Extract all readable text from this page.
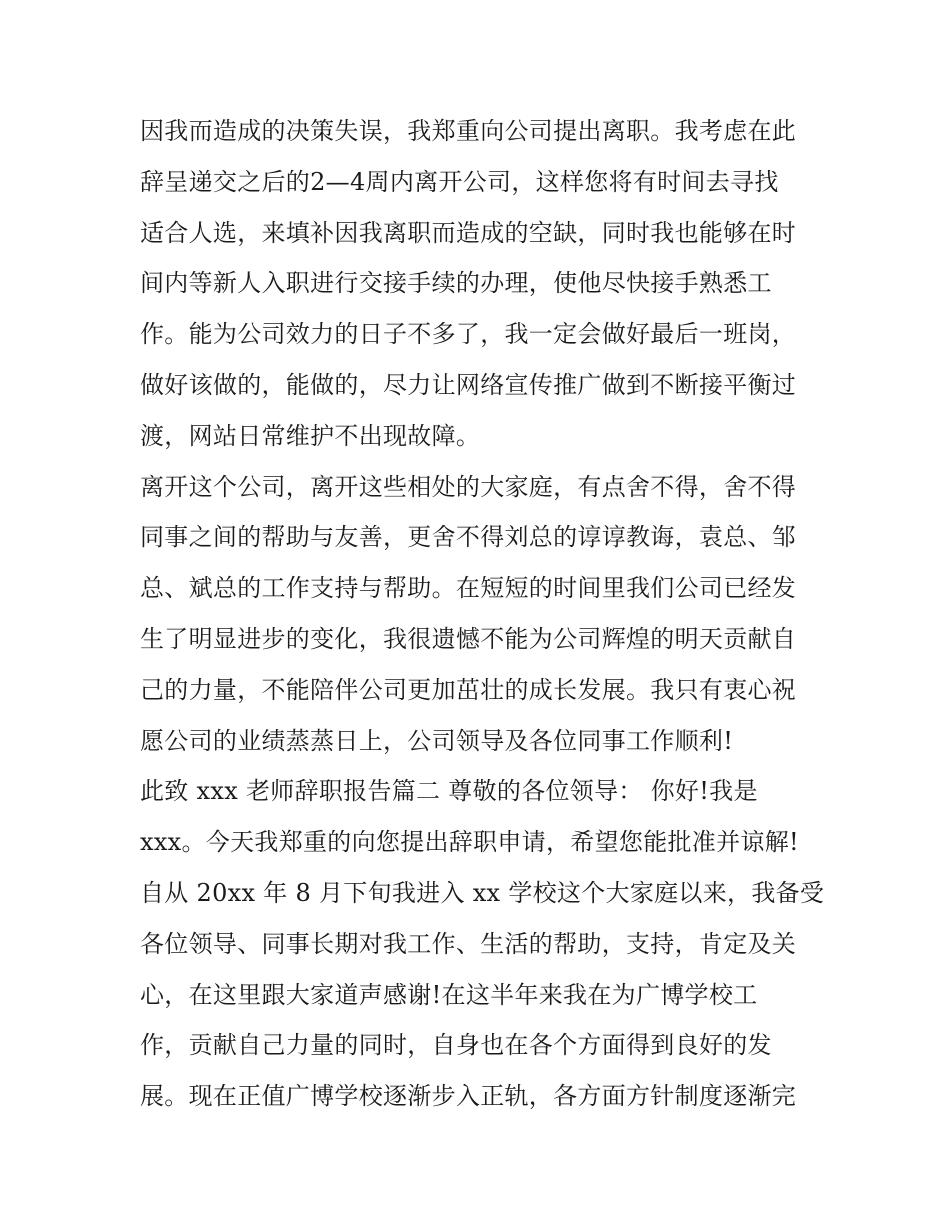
因我而造成的决策失误，我郑重向公司提出离职。我考虑在此
辞呈递交之后的2—4周内离开公司，这样您将有时间去寻找
适合人选，来填补因我离职而造成的空缺，同时我也能够在时
间内等新人入职进行交接手续的办理，使他尽快接手熟悉工
作。能为公司效力的日子不多了，我一定会做好最后一班岗，
做好该做的，能做的，尽力让网络宣传推广做到不断接平衡过
渡，网站日常维护不出现故障。
离开这个公司，离开这些相处的大家庭，有点舍不得，舍不得
同事之间的帮助与友善，更舍不得刘总的谆谆教诲，袁总、邹
总、斌总的工作支持与帮助。在短短的时间里我们公司已经发
生了明显进步的变化，我很遗憾不能为公司辉煌的明天贡献自
己的力量，不能陪伴公司更加茁壮的成长发展。我只有衷心祝
愿公司的业绩蒸蒸日上，公司领导及各位同事工作顺利!
此致 xxx 老师辞职报告篇二 尊敬的各位领导： 你好!我是
xxx。今天我郑重的向您提出辞职申请，希望您能批准并谅解!
自从 20xx 年 8 月下旬我进入 xx 学校这个大家庭以来，我备受
各位领导、同事长期对我工作、生活的帮助，支持，肯定及关
心，在这里跟大家道声感谢!在这半年来我在为广博学校工
作，贡献自己力量的同时，自身也在各个方面得到良好的发
展。现在正值广博学校逐渐步入正轨，各方面方针制度逐渐完
